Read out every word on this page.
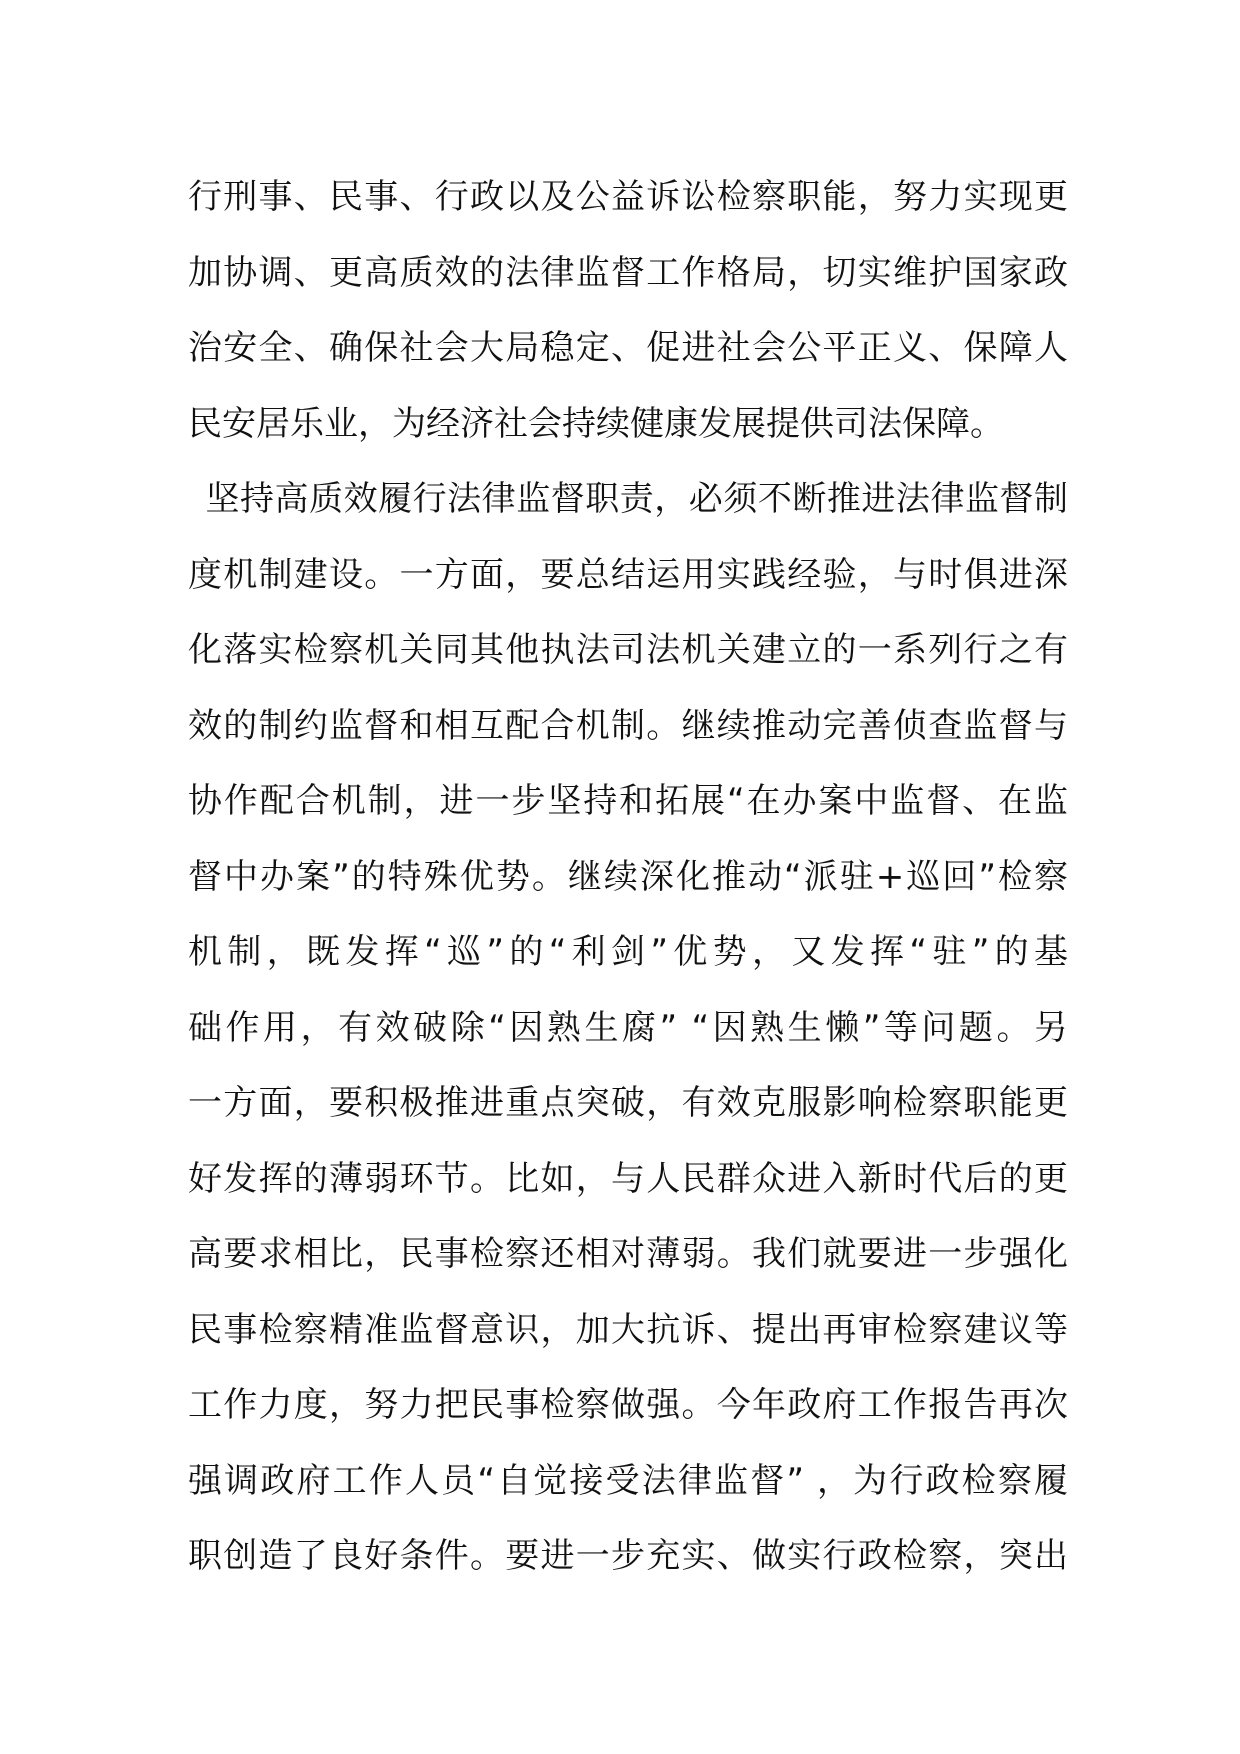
行刑事、民事、行政以及公益诉讼检察职能，努力实现更
加协调、更高质效的法律监督工作格局，切实维护国家政
治安全、确保社会大局稳定、促进社会公平正义、保障人
民安居乐业，为经济社会持续健康发展提供司法保障。
坚持高质效履行法律监督职责，必须不断推进法律监督制
度机制建设。一方面，要总结运用实践经验，与时俱进深
化落实检察机关同其他执法司法机关建立的一系列行之有
效的制约监督和相互配合机制。继续推动完善侦查监督与
协作配合机制，进一步坚持和拓展“在办案中监督、在监
督中办案”的特殊优势。继续深化推动“派驻+巡回”检察
机制，既发挥“巡”的“利剑”优势，又发挥“驻”的基
础作用，有效破除“因熟生腐” “因熟生懒”等问题。另
一方面，要积极推进重点突破，有效克服影响检察职能更
好发挥的薄弱环节。比如，与人民群众进入新时代后的更
高要求相比，民事检察还相对薄弱。我们就要进一步强化
民事检察精准监督意识，加大抗诉、提出再审检察建议等
工作力度，努力把民事检察做强。今年政府工作报告再次
强调政府工作人员“自觉接受法律监督” ，为行政检察履
职创造了良好条件。要进一步充实、做实行政检察，突出
